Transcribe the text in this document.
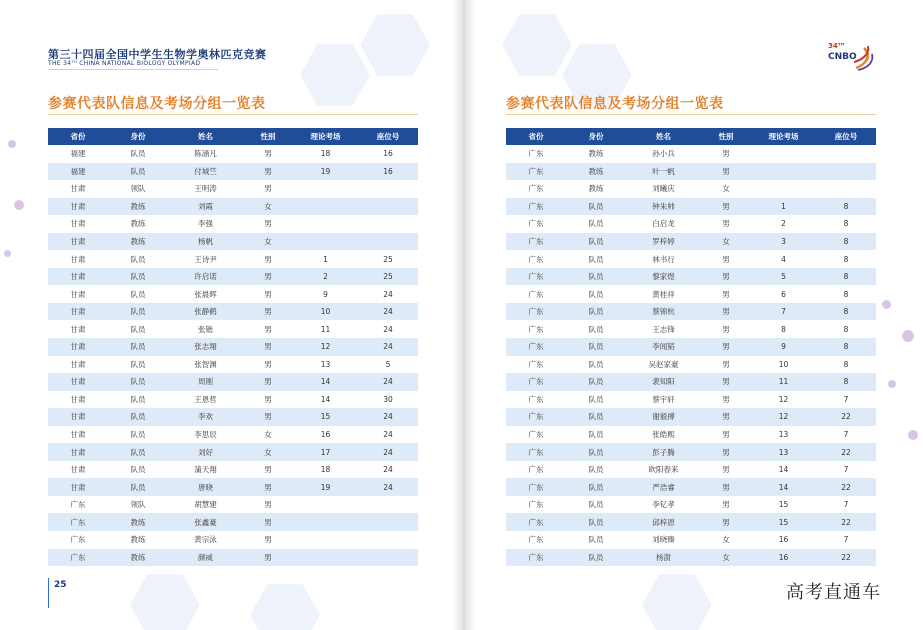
第三十四届全国中学生生物学奥林匹克竞赛
THE 34ᵀᴴ CHINA NATIONAL BIOLOGY OLYMPIAD
参赛代表队信息及考场分组一览表
省份	身份	姓名	性别	理论考场	座位号
福建	队员	陈涵凡	男	18	16
福建	队员	付城竺	男	19	16
甘肃	领队	王明涛	男		
甘肃	教练	刘霞	女		
甘肃	教练	李强	男		
甘肃	教练	杨帆	女		
甘肃	队员	王诗尹	男	1	25
甘肃	队员	许启诺	男	2	25
甘肃	队员	张晨晖	男	9	24
甘肃	队员	张静鹤	男	10	24
甘肃	队员	张锴	男	11	24
甘肃	队员	张志翔	男	12	24
甘肃	队员	张智渊	男	13	5
甘肃	队员	周刚	男	14	24
甘肃	队员	王恩哲	男	14	30
甘肃	队员	李欢	男	15	24
甘肃	队员	李思辰	女	16	24
甘肃	队员	刘好	女	17	24
甘肃	队员	蒲天翔	男	18	24
甘肃	队员	唐晓	男	19	24
广东	领队	胡慧建	男		
广东	教练	张鑫豪	男		
广东	教练	黄宗泳	男		
广东	教练	颜威	男		
25
参赛代表队信息及考场分组一览表
省份	身份	姓名	性别	理论考场	座位号
广东	教练	孙小兵	男		
广东	教练	叶一帆	男		
广东	教练	刘曦庆	女		
广东	队员	钟朱帅	男	1	8
广东	队员	白启龙	男	2	8
广东	队员	罗梓婷	女	3	8
广东	队员	林书行	男	4	8
广东	队员	黎家煜	男	5	8
广东	队员	黄桂祥	男	6	8
广东	队员	蔡锦杭	男	7	8
广东	队员	王志锋	男	8	8
广东	队员	李闻韬	男	9	8
广东	队员	吴赵家豪	男	10	8
广东	队员	裴知阳	男	11	8
广东	队员	蔡宇轩	男	12	7
广东	队员	谢毅搏	男	12	22
广东	队员	张皓熙	男	13	7
广东	队员	彭子腾	男	13	22
广东	队员	欧阳春来	男	14	7
广东	队员	严浩睿	男	14	22
广东	队员	李钇孝	男	15	7
广东	队员	邱梓恩	男	15	22
广东	队员	刘晓臻	女	16	7
广东	队员	杨澍	女	16	22
34ᵀᴴ
CNBO
高考直通车
